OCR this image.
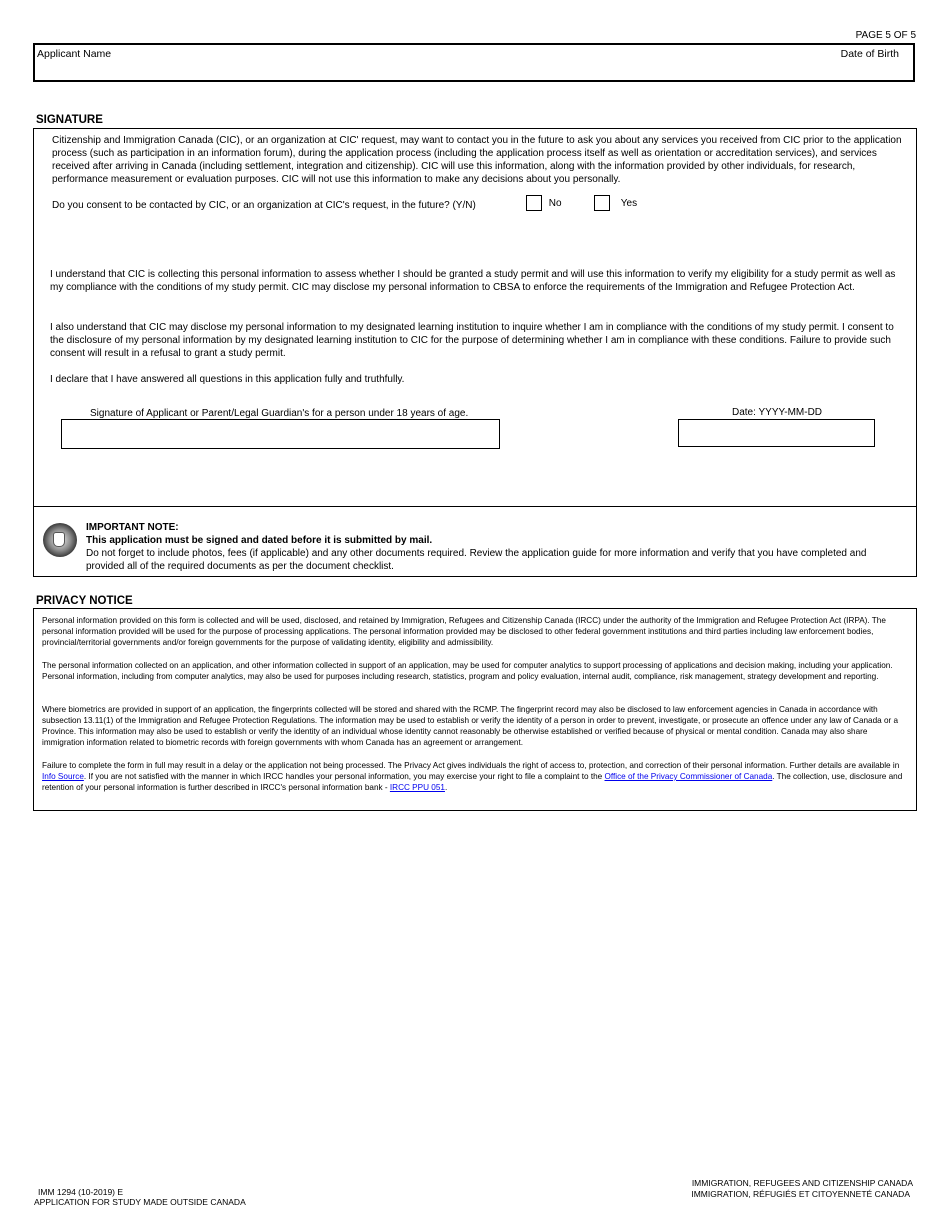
PAGE 5 OF 5
Applicant Name	Date of Birth
SIGNATURE
Citizenship and Immigration Canada (CIC), or an organization at CIC' request, may want to contact you in the future to ask you about any services you received from CIC prior to the application process (such as participation in an information forum), during the application process (including the application process itself as well as orientation or accreditation services), and services received after arriving in Canada (including settlement, integration and citizenship). CIC will use this information, along with the information provided by other individuals, for research, performance measurement or evaluation purposes. CIC will not use this information to make any decisions about you personally.
Do you consent to be contacted by CIC, or an organization at CIC's request, in the future? (Y/N)	No	Yes
I understand that CIC is collecting this personal information to assess whether I should be granted a study permit and will use this information to verify my eligibility for a study permit as well as my compliance with the conditions of my study permit. CIC may disclose my personal information to CBSA to enforce the requirements of the Immigration and Refugee Protection Act.
I also understand that CIC may disclose my personal information to my designated learning institution to inquire whether I am in compliance with the conditions of my study permit. I consent to the disclosure of my personal information by my designated learning institution to CIC for the purpose of determining whether I am in compliance with these conditions. Failure to provide such consent will result in a refusal to grant a study permit.
I declare that I have answered all questions in this application fully and truthfully.
Signature of Applicant or Parent/Legal Guardian's for a person under 18 years of age.	Date: YYYY-MM-DD
IMPORTANT NOTE:
This application must be signed and dated before it is submitted by mail.
Do not forget to include photos, fees (if applicable) and any other documents required. Review the application guide for more information and verify that you have completed and provided all of the required documents as per the document checklist.
PRIVACY NOTICE
Personal information provided on this form is collected and will be used, disclosed, and retained by Immigration, Refugees and Citizenship Canada (IRCC) under the authority of the Immigration and Refugee Protection Act (IRPA). The personal information provided will be used for the purpose of processing applications. The personal information provided may be disclosed to other federal government institutions and third parties including law enforcement bodies, provincial/territorial governments and/or foreign governments for the purpose of validating identity, eligibility and admissibility.
The personal information collected on an application, and other information collected in support of an application, may be used for computer analytics to support processing of applications and decision making, including your application. Personal information, including from computer analytics, may also be used for purposes including research, statistics, program and policy evaluation, internal audit, compliance, risk management, strategy development and reporting.
Where biometrics are provided in support of an application, the fingerprints collected will be stored and shared with the RCMP. The fingerprint record may also be disclosed to law enforcement agencies in Canada in accordance with subsection 13.11(1) of the Immigration and Refugee Protection Regulations. The information may be used to establish or verify the identity of a person in order to prevent, investigate, or prosecute an offence under any law of Canada or a Province. This information may also be used to establish or verify the identity of an individual whose identity cannot reasonably be otherwise established or verified because of physical or mental condition. Canada may also share immigration information related to biometric records with foreign governments with whom Canada has an agreement or arrangement.
Failure to complete the form in full may result in a delay or the application not being processed. The Privacy Act gives individuals the right of access to, protection, and correction of their personal information. Further details are available in Info Source. If you are not satisfied with the manner in which IRCC handles your personal information, you may exercise your right to file a complaint to the Office of the Privacy Commissioner of Canada. The collection, use, disclosure and retention of your personal information is further described in IRCC's personal information bank - IRCC PPU 051.
IMM 1294 (10-2019) E
APPLICATION FOR STUDY MADE OUTSIDE CANADA
IMMIGRATION, REFUGEES AND CITIZENSHIP CANADA
IMMIGRATION, RÉFUGIÉS ET CITOYENNETÉ CANADA
